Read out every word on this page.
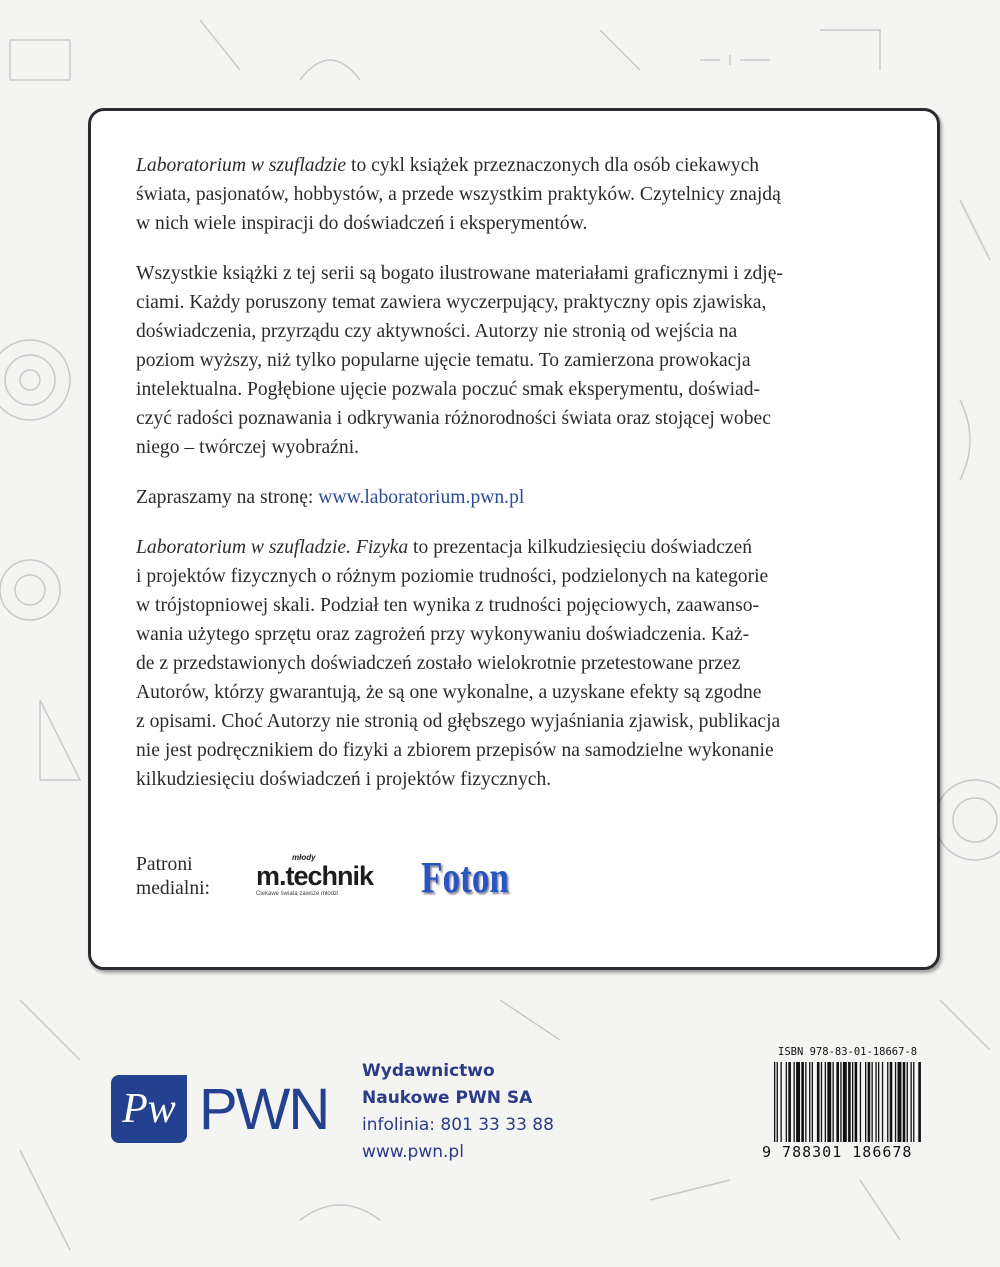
Laboratorium w szufladzie to cykl książek przeznaczonych dla osób ciekawych
świata, pasjonatów, hobbystów, a przede wszystkim praktyków. Czytelnicy znajdą
w nich wiele inspiracji do doświadczeń i eksperymentów.
Wszystkie książki z tej serii są bogato ilustrowane materiałami graficznymi i zdję-
ciami. Każdy poruszony temat zawiera wyczerpujący, praktyczny opis zjawiska,
doświadczenia, przyrządu czy aktywności. Autorzy nie stronią od wejścia na
poziom wyższy, niż tylko popularne ujęcie tematu. To zamierzona prowokacja
intelektualna. Pogłębione ujęcie pozwala poczuć smak eksperymentu, doświad-
czyć radości poznawania i odkrywania różnorodności świata oraz stojącej wobec
niego – twórczej wyobraźni.
Zapraszamy na stronę: www.laboratorium.pwn.pl
Laboratorium w szufladzie. Fizyka to prezentacja kilkudziesięciu doświadczeń
i projektów fizycznych o różnym poziomie trudności, podzielonych na kategorie
w trójstopniowej skali. Podział ten wynika z trudności pojęciowych, zaawanso-
wania użytego sprzętu oraz zagrożeń przy wykonywaniu doświadczenia. Każ-
de z przedstawionych doświadczeń zostało wielokrotnie przetestowane przez
Autorów, którzy gwarantują, że są one wykonalne, a uzyskane efekty są zgodne
z opisami. Choć Autorzy nie stronią od głębszego wyjaśniania zjawisk, publikacja
nie jest podręcznikiem do fizyki a zbiorem przepisów na samodzielne wykonanie
kilkudziesięciu doświadczeń i projektów fizycznych.
Patroni
medialni:
młody
m.technik
Ciekawe świata zawsze młodzi	Foton
Pw PWN
Wydawnictwo
Naukowe PWN SA
infolinia: 801 33 33 88
www.pwn.pl
ISBN 978-83-01-18667-8
9 788301 186678
